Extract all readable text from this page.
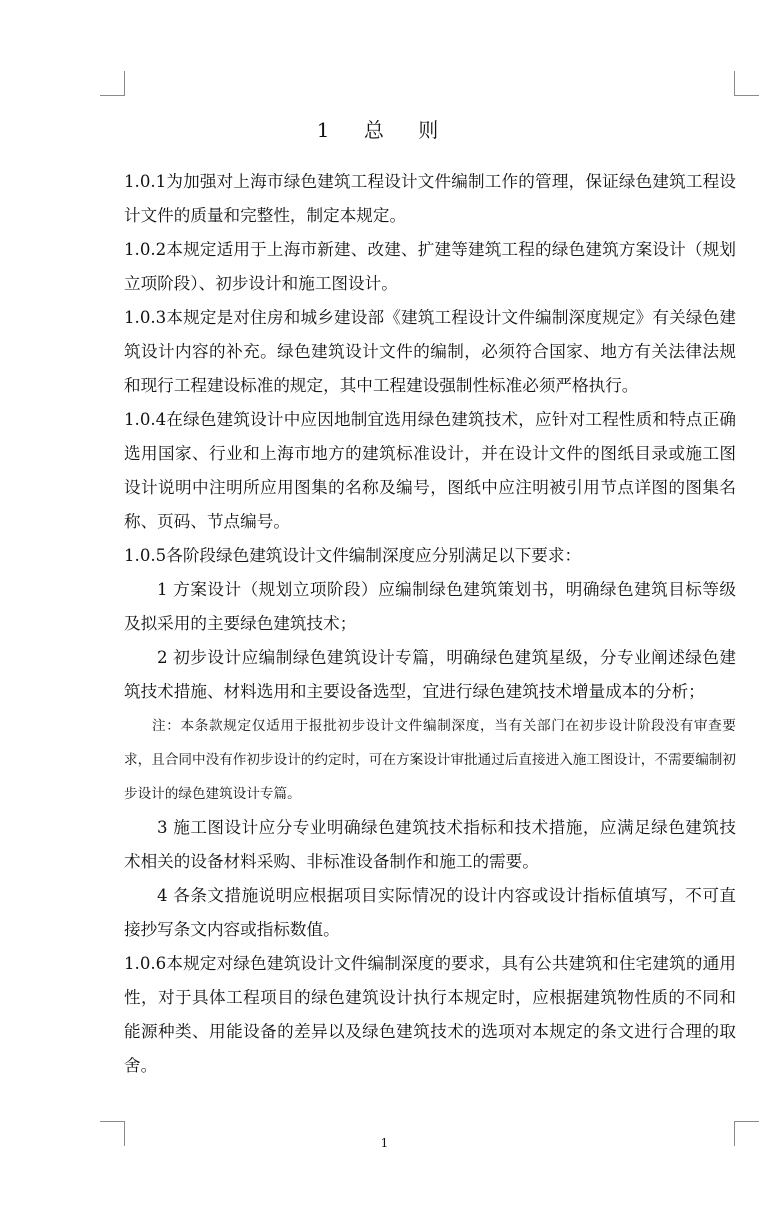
1 总 则

1.0.1为加强对上海市绿色建筑工程设计文件编制工作的管理，保证绿色建筑工程设计文件的质量和完整性，制定本规定。

1.0.2本规定适用于上海市新建、改建、扩建等建筑工程的绿色建筑方案设计（规划立项阶段）、初步设计和施工图设计。

1.0.3本规定是对住房和城乡建设部《建筑工程设计文件编制深度规定》有关绿色建筑设计内容的补充。绿色建筑设计文件的编制，必须符合国家、地方有关法律法规和现行工程建设标准的规定，其中工程建设强制性标准必须严格执行。

1.0.4在绿色建筑设计中应因地制宜选用绿色建筑技术，应针对工程性质和特点正确选用国家、行业和上海市地方的建筑标准设计，并在设计文件的图纸目录或施工图设计说明中注明所应用图集的名称及编号，图纸中应注明被引用节点详图的图集名称、页码、节点编号。

1.0.5各阶段绿色建筑设计文件编制深度应分别满足以下要求：

1 方案设计（规划立项阶段）应编制绿色建筑策划书，明确绿色建筑目标等级及拟采用的主要绿色建筑技术；

2 初步设计应编制绿色建筑设计专篇，明确绿色建筑星级，分专业阐述绿色建筑技术措施、材料选用和主要设备选型，宜进行绿色建筑技术增量成本的分析；

注：本条款规定仅适用于报批初步设计文件编制深度，当有关部门在初步设计阶段没有审查要求，且合同中没有作初步设计的约定时，可在方案设计审批通过后直接进入施工图设计，不需要编制初步设计的绿色建筑设计专篇。

3 施工图设计应分专业明确绿色建筑技术指标和技术措施，应满足绿色建筑技术相关的设备材料采购、非标准设备制作和施工的需要。

4 各条文措施说明应根据项目实际情况的设计内容或设计指标值填写，不可直接抄写条文内容或指标数值。

1.0.6本规定对绿色建筑设计文件编制深度的要求，具有公共建筑和住宅建筑的通用性，对于具体工程项目的绿色建筑设计执行本规定时，应根据建筑物性质的不同和能源种类、用能设备的差异以及绿色建筑技术的选项对本规定的条文进行合理的取舍。

1
